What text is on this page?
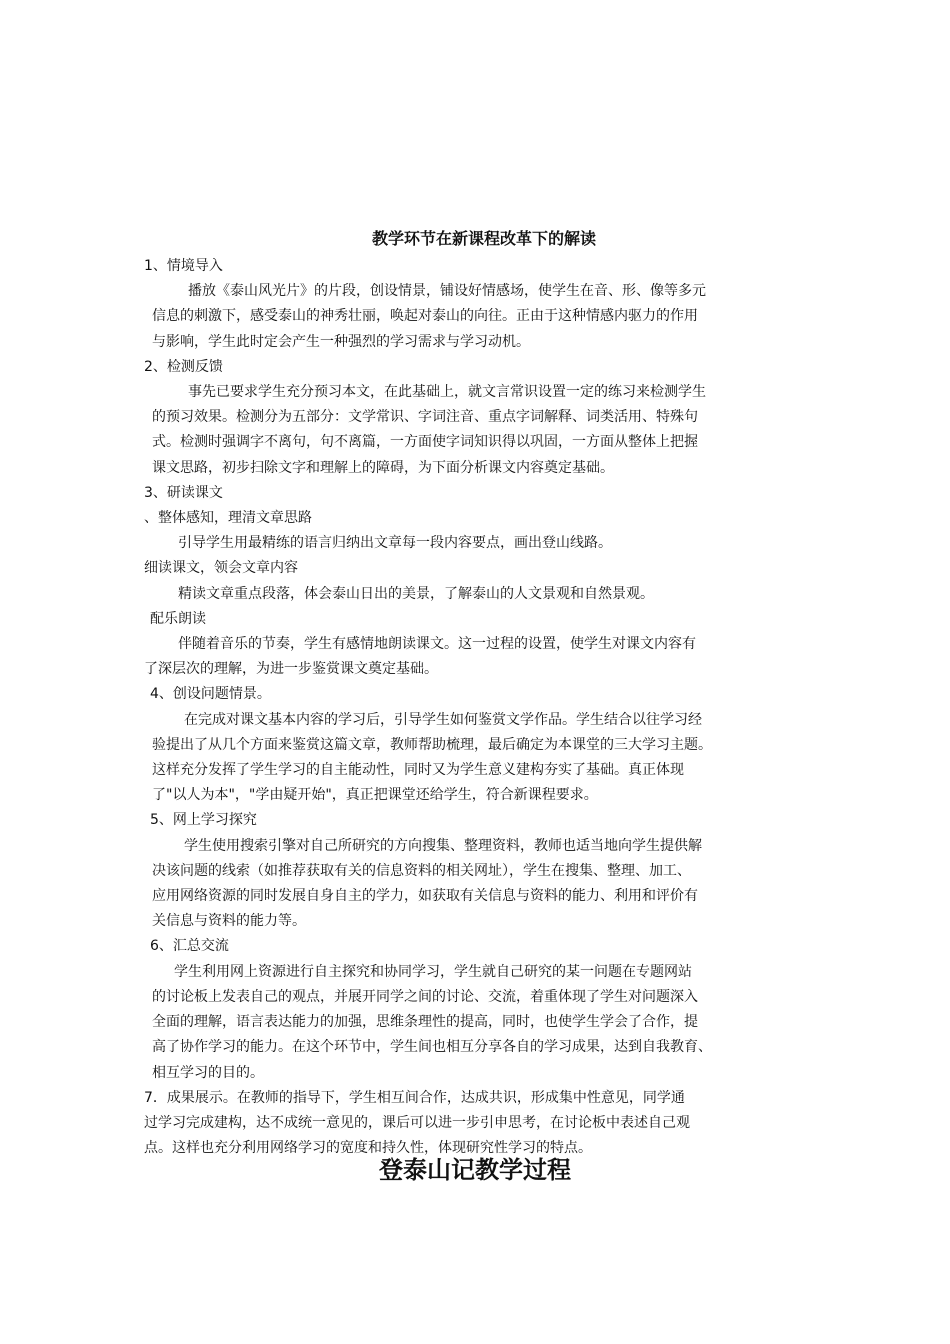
教学环节在新课程改革下的解读
1、情境导入
播放《泰山风光片》的片段，创设情景，铺设好情感场，使学生在音、形、像等多元
信息的刺激下，感受泰山的神秀壮丽，唤起对泰山的向往。正由于这种情感内驱力的作用
与影响，学生此时定会产生一种强烈的学习需求与学习动机。
2、检测反馈
事先已要求学生充分预习本文，在此基础上，就文言常识设置一定的练习来检测学生
的预习效果。检测分为五部分：文学常识、字词注音、重点字词解释、词类活用、特殊句
式。检测时强调字不离句，句不离篇，一方面使字词知识得以巩固，一方面从整体上把握
课文思路，初步扫除文字和理解上的障碍，为下面分析课文内容奠定基础。
3、研读课文
、整体感知，理清文章思路
引导学生用最精练的语言归纳出文章每一段内容要点，画出登山线路。
细读课文，领会文章内容
精读文章重点段落，体会泰山日出的美景，了解泰山的人文景观和自然景观。
配乐朗读
伴随着音乐的节奏，学生有感情地朗读课文。这一过程的设置，使学生对课文内容有
了深层次的理解，为进一步鉴赏课文奠定基础。
4、创设问题情景。
在完成对课文基本内容的学习后，引导学生如何鉴赏文学作品。学生结合以往学习经
验提出了从几个方面来鉴赏这篇文章，教师帮助梳理，最后确定为本课堂的三大学习主题。
这样充分发挥了学生学习的自主能动性，同时又为学生意义建构夯实了基础。真正体现
了"以人为本"，"学由疑开始"，真正把课堂还给学生，符合新课程要求。
5、网上学习探究
学生使用搜索引擎对自己所研究的方向搜集、整理资料，教师也适当地向学生提供解
决该问题的线索（如推荐获取有关的信息资料的相关网址），学生在搜集、整理、加工、
应用网络资源的同时发展自身自主的学力，如获取有关信息与资料的能力、利用和评价有
关信息与资料的能力等。
6、汇总交流
学生利用网上资源进行自主探究和协同学习，学生就自己研究的某一问题在专题网站
的讨论板上发表自己的观点，并展开同学之间的讨论、交流，着重体现了学生对问题深入
全面的理解，语言表达能力的加强，思维条理性的提高，同时，也使学生学会了合作，提
高了协作学习的能力。在这个环节中，学生间也相互分享各自的学习成果，达到自我教育、
相互学习的目的。
7．成果展示。在教师的指导下，学生相互间合作，达成共识，形成集中性意见，同学通
过学习完成建构，达不成统一意见的，课后可以进一步引申思考，在讨论板中表述自己观
点。这样也充分利用网络学习的宽度和持久性，体现研究性学习的特点。
登泰山记教学过程
